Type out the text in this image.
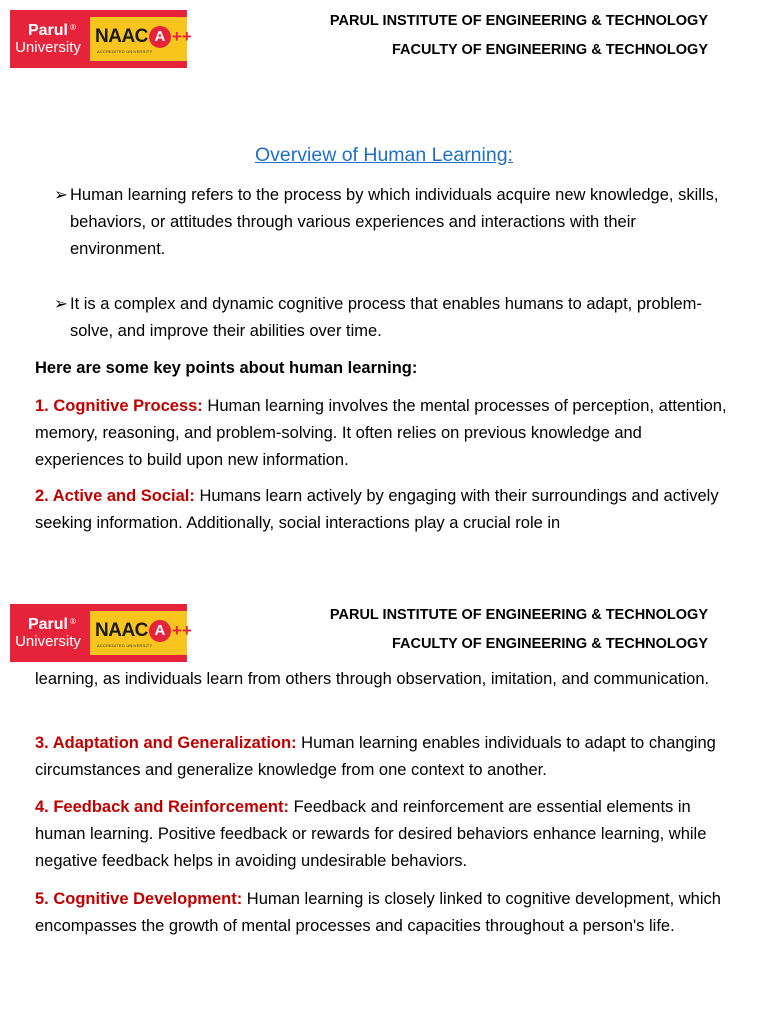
Parul ®
University
NAAC A ++
ACCREDITED UNIVERSITY
PARUL INSTITUTE OF ENGINEERING & TECHNOLOGY
FACULTY OF ENGINEERING & TECHNOLOGY
Overview of Human Learning:
➢ Human learning refers to the process by which individuals acquire new knowledge, skills, behaviors, or attitudes through various experiences and interactions with their environment.
➢ It is a complex and dynamic cognitive process that enables humans to adapt, problem-solve, and improve their abilities over time.
Here are some key points about human learning:
1. Cognitive Process: Human learning involves the mental processes of perception, attention, memory, reasoning, and problem-solving. It often relies on previous knowledge and experiences to build upon new information.
2. Active and Social: Humans learn actively by engaging with their surroundings and actively seeking information. Additionally, social interactions play a crucial role in
Parul ®
University
NAAC A ++
ACCREDITED UNIVERSITY
PARUL INSTITUTE OF ENGINEERING & TECHNOLOGY
FACULTY OF ENGINEERING & TECHNOLOGY
learning, as individuals learn from others through observation, imitation, and communication.
3. Adaptation and Generalization: Human learning enables individuals to adapt to changing circumstances and generalize knowledge from one context to another.
4. Feedback and Reinforcement: Feedback and reinforcement are essential elements in human learning. Positive feedback or rewards for desired behaviors enhance learning, while negative feedback helps in avoiding undesirable behaviors.
5. Cognitive Development: Human learning is closely linked to cognitive development, which encompasses the growth of mental processes and capacities throughout a person's life.
